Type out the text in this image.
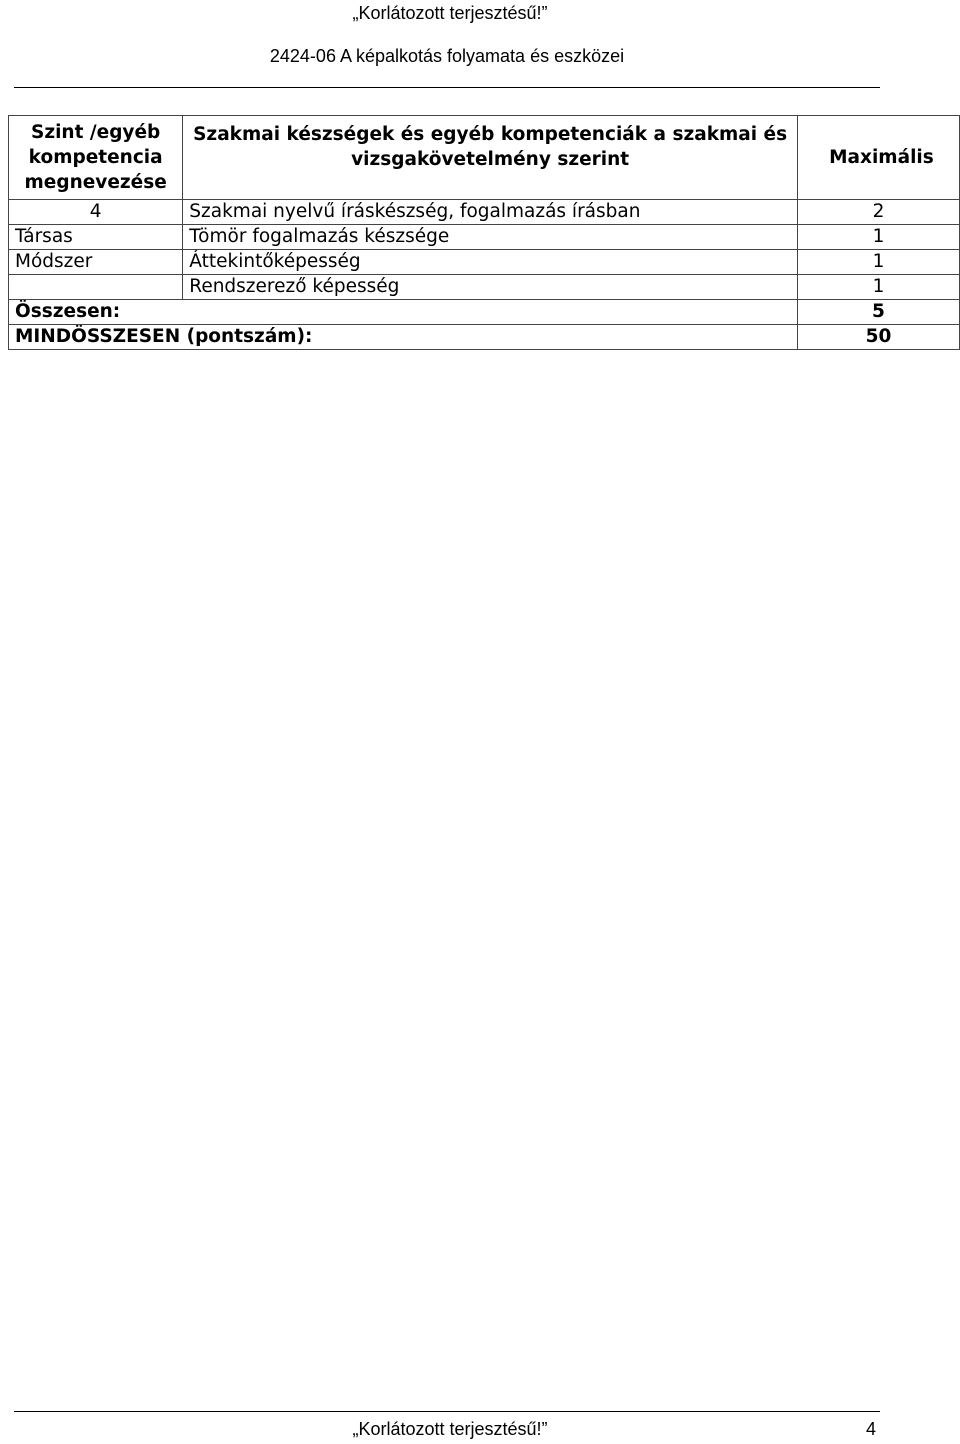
„Korlátozott terjesztésű!”
2424-06 A képalkotás folyamata és eszközei
Szint /egyéb kompetencia megnevezése	Szakmai készségek és egyéb kompetenciák a szakmai és vizsgakövetelmény szerint	Maximális
4	Szakmai nyelvű íráskészség, fogalmazás írásban	2
Társas	Tömör fogalmazás készsége	1
Módszer	Áttekintőképesség	1
	Rendszerező képesség	1
Összesen:		5
MINDÖSSZESEN (pontszám):		50
„Korlátozott terjesztésű!”	4
